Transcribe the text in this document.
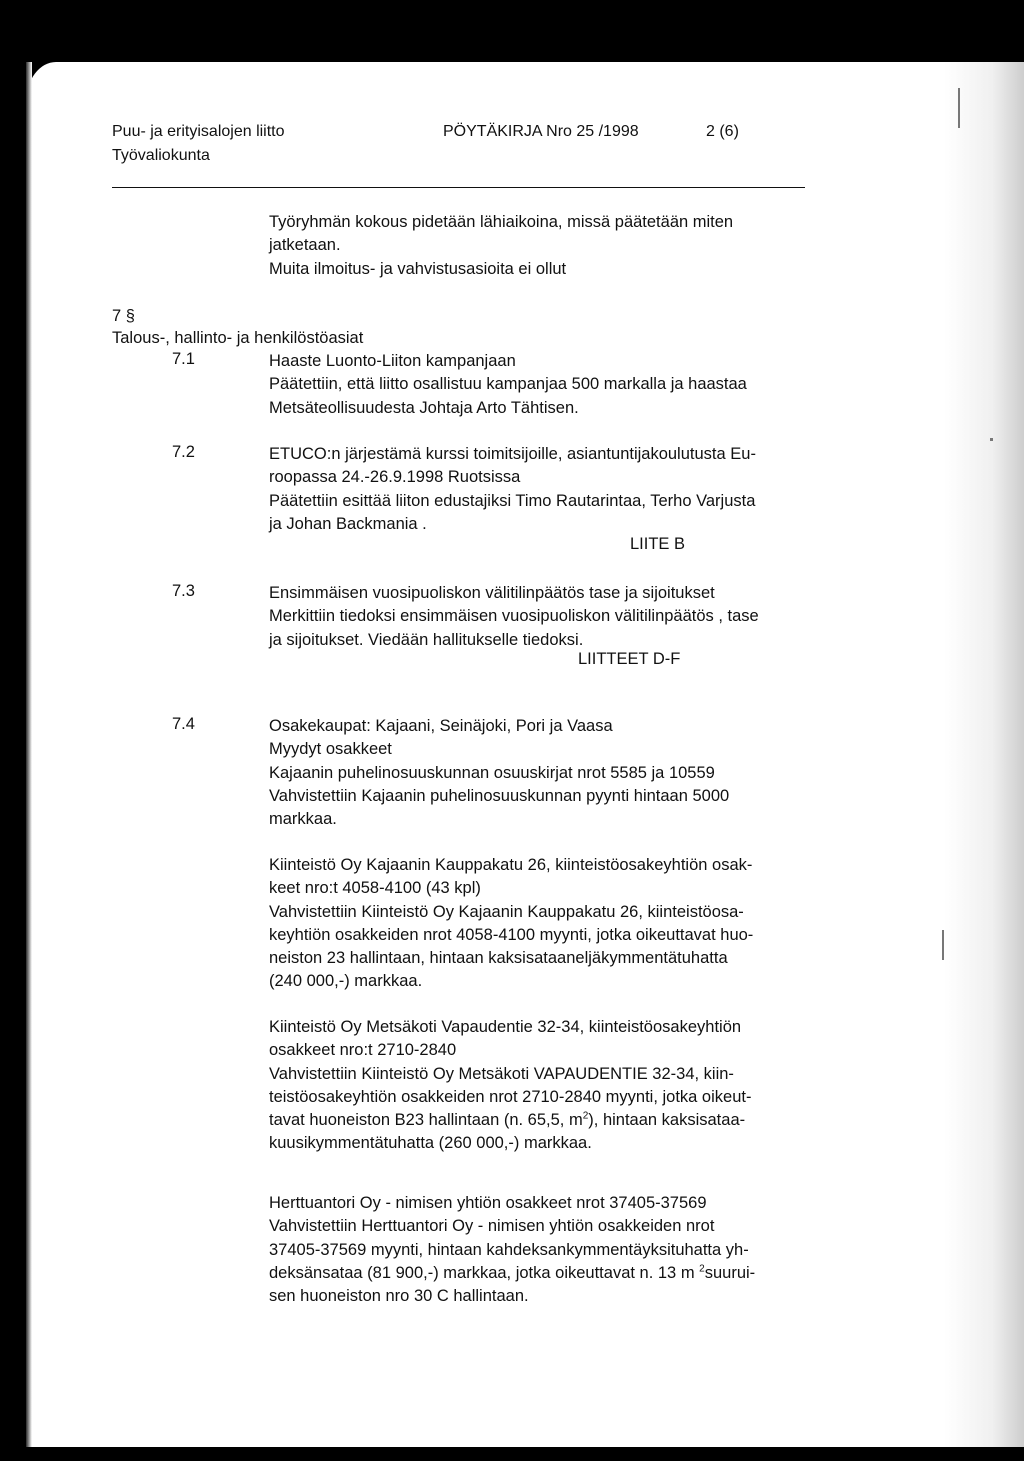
Puu- ja erityisalojen liitto
Työvaliokunta
PÖYTÄKIRJA Nro 25 /1998	2 (6)
Työryhmän kokous pidetään lähiaikoina, missä päätetään miten
jatketaan.
Muita ilmoitus- ja vahvistusasioita ei ollut
7 §
Talous-, hallinto- ja henkilöstöasiat
7.1	Haaste Luonto-Liiton kampanjaan
Päätettiin, että liitto osallistuu kampanjaa 500 markalla ja haastaa
Metsäteollisuudesta Johtaja Arto Tähtisen.
7.2	ETUCO:n järjestämä kurssi toimitsijoille, asiantuntijakoulutusta Eu-
roopassa 24.-26.9.1998 Ruotsissa
Päätettiin esittää liiton edustajiksi Timo Rautarintaa, Terho Varjusta
ja Johan Backmania .
LIITE B
7.3	Ensimmäisen vuosipuoliskon välitilinpäätös tase ja sijoitukset
Merkittiin tiedoksi ensimmäisen vuosipuoliskon välitilinpäätös , tase
ja sijoitukset. Viedään hallitukselle tiedoksi.
LIITTEET D-F
7.4	Osakekaupat: Kajaani, Seinäjoki, Pori ja Vaasa
Myydyt osakkeet
Kajaanin puhelinosuuskunnan osuuskirjat nrot 5585 ja 10559
Vahvistettiin Kajaanin puhelinosuuskunnan pyynti hintaan 5000
markkaa.
Kiinteistö Oy Kajaanin Kauppakatu 26, kiinteistöosakeyhtiön osak-
keet nro:t 4058-4100 (43 kpl)
Vahvistettiin Kiinteistö Oy Kajaanin Kauppakatu 26, kiinteistöosa-
keyhtiön osakkeiden nrot 4058-4100 myynti, jotka oikeuttavat huo-
neiston 23 hallintaan, hintaan kaksisataaneljäkymmentätuhatta
(240 000,-) markkaa.
Kiinteistö Oy Metsäkoti Vapaudentie 32-34, kiinteistöosakeyhtiön
osakkeet nro:t 2710-2840
Vahvistettiin Kiinteistö Oy Metsäkoti VAPAUDENTIE 32-34, kiin-
teistöosakeyhtiön osakkeiden nrot 2710-2840 myynti, jotka oikeut-
tavat huoneiston B23 hallintaan (n. 65,5, $m^2$), hintaan kaksisataa-
kuusikymmentätuhatta (260 000,-) markkaa.
Herttuantori Oy - nimisen yhtiön osakkeet nrot 37405-37569
Vahvistettiin Herttuantori Oy - nimisen yhtiön osakkeiden nrot
37405-37569 myynti, hintaan kahdeksankymmentäyksituhatta yh-
deksänsataa (81 900,-) markkaa, jotka oikeuttavat n. 13 m $^2$suurui-
sen huoneiston nro 30 C hallintaan.
